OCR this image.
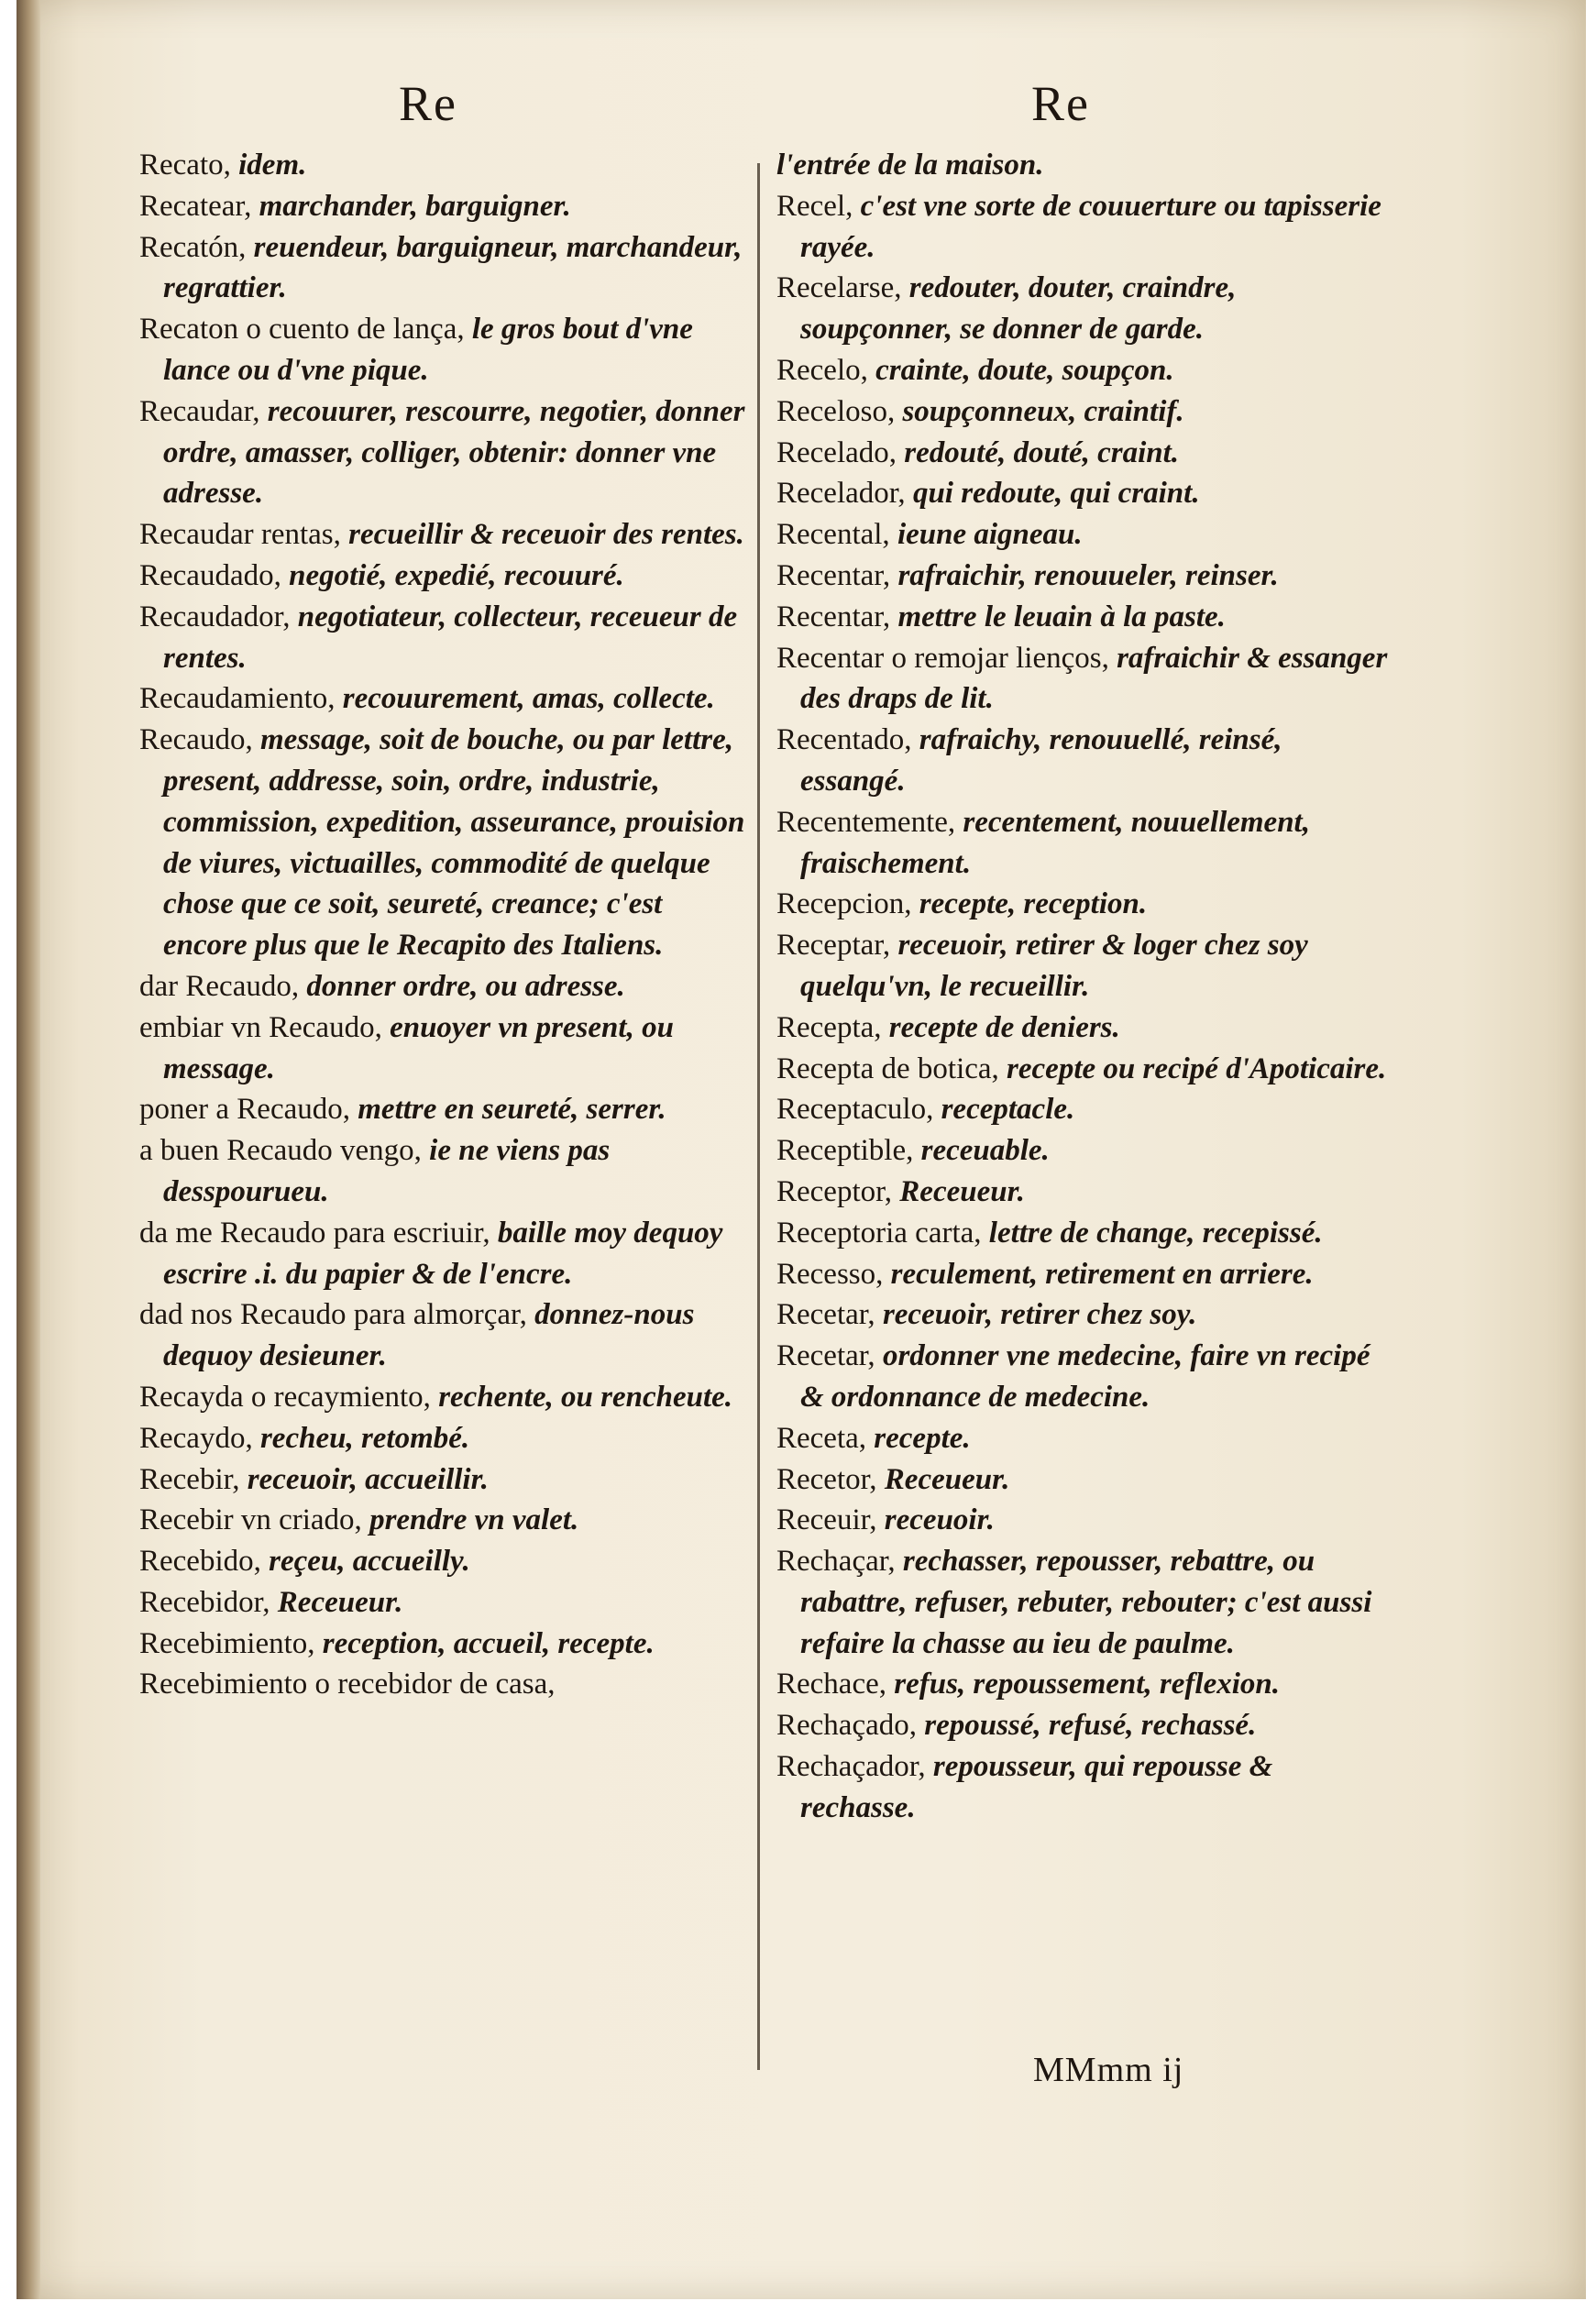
Re	Re
Recato, idem.
Recatear, marchander, barguigner.
Recatón, reuendeur, barguigneur, marchandeur, regrattier.
Recaton o cuento de lança, le gros bout d'vne lance ou d'vne pique.
Recaudar, recouurer, rescourre, negotier, donner ordre, amasser, colliger, obtenir: donner vne adresse.
Recaudar rentas, recueillir & receuoir des rentes.
Recaudado, negotié, expedié, recouuré.
Recaudador, negotiateur, collecteur, receueur de rentes.
Recaudamiento, recouurement, amas, collecte.
Recaudo, message, soit de bouche, ou par lettre, present, addresse, soin, ordre, industrie, commission, expedition, asseurance, prouision de viures, victuailles, commodité de quelque chose que ce soit, seureté, creance; c'est encore plus que le Recapito des Italiens.
dar Recaudo, donner ordre, ou adresse.
embiar vn Recaudo, enuoyer vn present, ou message.
poner a Recaudo, mettre en seureté, serrer.
a buen Recaudo vengo, ie ne viens pas desspourueu.
da me Recaudo para escriuir, baille moy dequoy escrire .i. du papier & de l'encre.
dad nos Recaudo para almorçar, donnez-nous dequoy desieuner.
Recayda o recaymiento, rechente, ou rencheute.
Recaydo, recheu, retombé.
Recebir, receuoir, accueillir.
Recebir vn criado, prendre vn valet.
Recebido, reçeu, accueilly.
Recebidor, Receueur.
Recebimiento, reception, accueil, recepte.
Recebimiento o recebidor de casa,
l'entrée de la maison.
Recel, c'est vne sorte de couuerture ou tapisserie rayée.
Recelarse, redouter, douter, craindre, soupçonner, se donner de garde.
Recelo, crainte, doute, soupçon.
Receloso, soupçonneux, craintif.
Recelado, redouté, douté, craint.
Recelador, qui redoute, qui craint.
Recental, ieune aigneau.
Recentar, rafraichir, renouueler, reinser.
Recentar, mettre le leuain à la paste.
Recentar o remojar lienços, rafraichir & essanger des draps de lit.
Recentado, rafraichy, renouuellé, reinsé, essangé.
Recentemente, recentement, nouuellement, fraischement.
Recepcion, recepte, reception.
Receptar, receuoir, retirer & loger chez soy quelqu'vn, le recueillir.
Recepta, recepte de deniers.
Recepta de botica, recepte ou recipé d'Apoticaire.
Receptaculo, receptacle.
Receptible, receuable.
Receptor, Receueur.
Receptoria carta, lettre de change, recepissé.
Recesso, reculement, retirement en arriere.
Recetar, receuoir, retirer chez soy.
Recetar, ordonner vne medecine, faire vn recipé & ordonnance de medecine.
Receta, recepte.
Recetor, Receueur.
Receuir, receuoir.
Rechaçar, rechasser, repousser, rebattre, ou rabattre, refuser, rebuter, rebouter; c'est aussi refaire la chasse au ieu de paulme.
Rechace, refus, repoussement, reflexion.
Rechaçado, repoussé, refusé, rechassé.
Rechaçador, repousseur, qui repousse & rechasse.
MMmm ij
